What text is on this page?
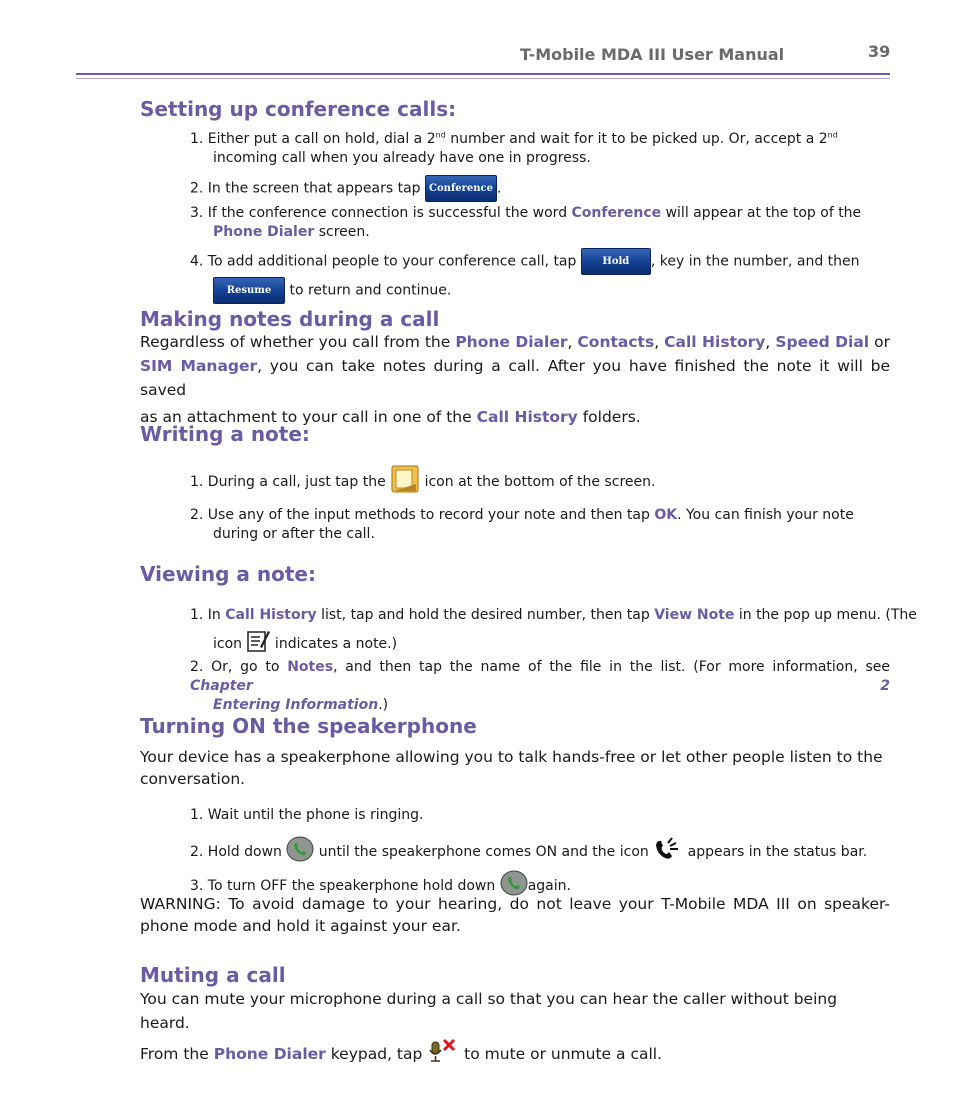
T-Mobile MDA III User Manual	39
Setting up conference calls:
1. Either put a call on hold, dial a 2nd number and wait for it to be picked up. Or, accept a 2nd incoming call when you already have one in progress.
2. In the screen that appears tap Conference .
3. If the conference connection is successful the word Conference will appear at the top of the Phone Dialer screen.
4. To add additional people to your conference call, tap Hold , key in the number, and then
Resume to return and continue.
Making notes during a call
Regardless of whether you call from the Phone Dialer, Contacts, Call History, Speed Dial or
SIM Manager, you can take notes during a call. After you have finished the note it will be saved
as an attachment to your call in one of the Call History folders.
Writing a note:
1. During a call, just tap the  icon at the bottom of the screen.
2. Use any of the input methods to record your note and then tap OK. You can finish your note during or after the call.
Viewing a note:
1. In Call History list, tap and hold the desired number, then tap View Note in the pop up menu. (The
icon  indicates a note.)
2. Or, go to Notes, and then tap the name of the file in the list. (For more information, see Chapter 2
Entering Information.)
Turning ON the speakerphone
Your device has a speakerphone allowing you to talk hands-free or let other people listen to the conversation.
1. Wait until the phone is ringing.
2. Hold down  until the speakerphone comes ON and the icon  appears in the status bar.
3. To turn OFF the speakerphone hold down again.
WARNING: To avoid damage to your hearing, do not leave your T-Mobile MDA III on speaker-phone mode and hold it against your ear.
Muting a call
You can mute your microphone during a call so that you can hear the caller without being heard.
From the Phone Dialer keypad, tap  to mute or unmute a call.
